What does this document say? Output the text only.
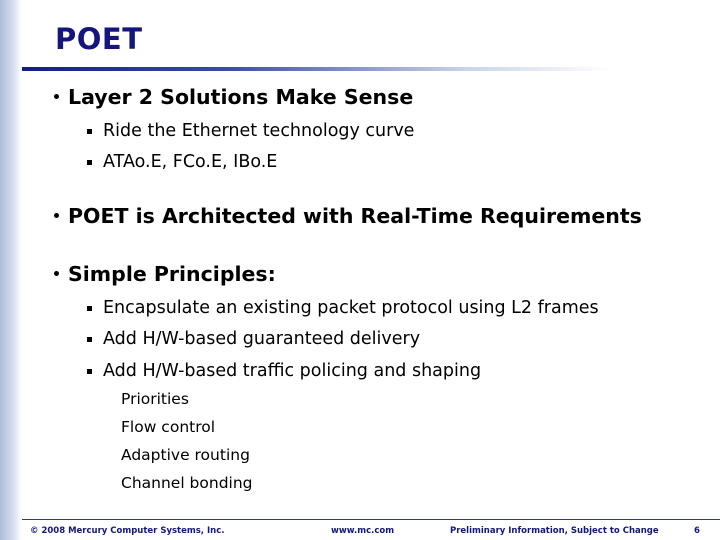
POET
Layer 2 Solutions Make Sense
Ride the Ethernet technology curve
ATAo.E, FCo.E, IBo.E
POET is Architected with Real-Time Requirements
Simple Principles:
Encapsulate an existing packet protocol using L2 frames
Add H/W-based guaranteed delivery
Add H/W-based traffic policing and shaping
Priorities
Flow control
Adaptive routing
Channel bonding
© 2008 Mercury Computer Systems, Inc.	www.mc.com	Preliminary Information, Subject to Change	6
